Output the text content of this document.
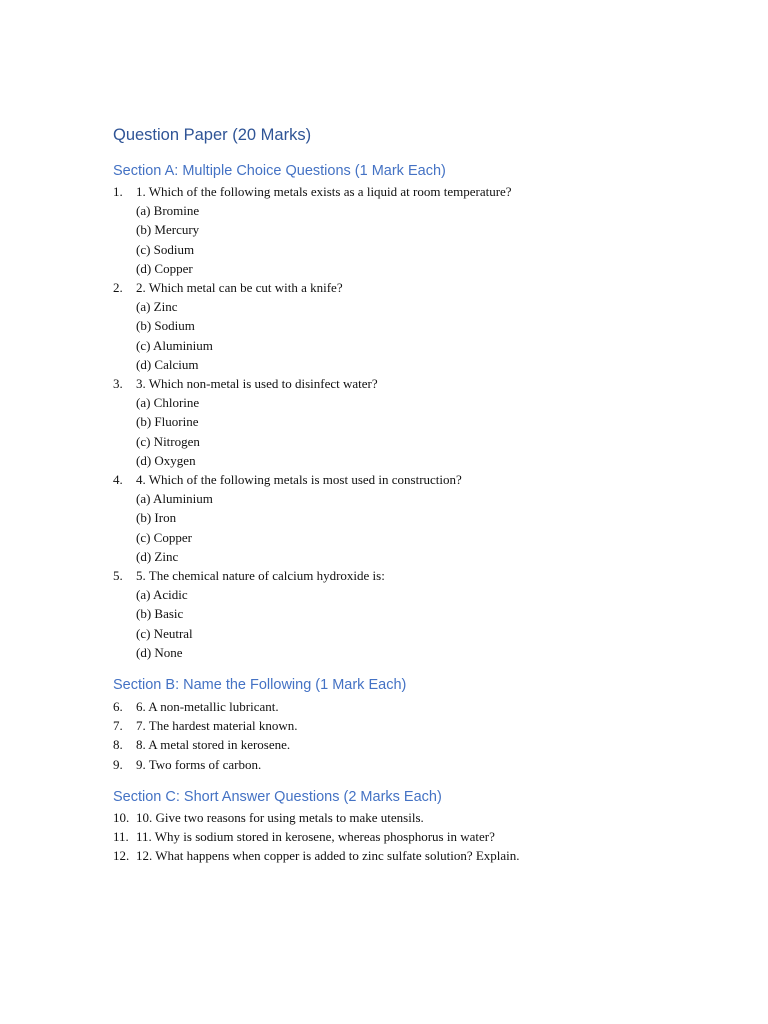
Question Paper (20 Marks)
Section A: Multiple Choice Questions (1 Mark Each)
1. 1. Which of the following metals exists as a liquid at room temperature?
(a) Bromine
(b) Mercury
(c) Sodium
(d) Copper
2. 2. Which metal can be cut with a knife?
(a) Zinc
(b) Sodium
(c) Aluminium
(d) Calcium
3. 3. Which non-metal is used to disinfect water?
(a) Chlorine
(b) Fluorine
(c) Nitrogen
(d) Oxygen
4. 4. Which of the following metals is most used in construction?
(a) Aluminium
(b) Iron
(c) Copper
(d) Zinc
5. 5. The chemical nature of calcium hydroxide is:
(a) Acidic
(b) Basic
(c) Neutral
(d) None
Section B: Name the Following (1 Mark Each)
6. 6. A non-metallic lubricant.
7. 7. The hardest material known.
8. 8. A metal stored in kerosene.
9. 9. Two forms of carbon.
Section C: Short Answer Questions (2 Marks Each)
10. 10. Give two reasons for using metals to make utensils.
11. 11. Why is sodium stored in kerosene, whereas phosphorus in water?
12. 12. What happens when copper is added to zinc sulfate solution? Explain.
